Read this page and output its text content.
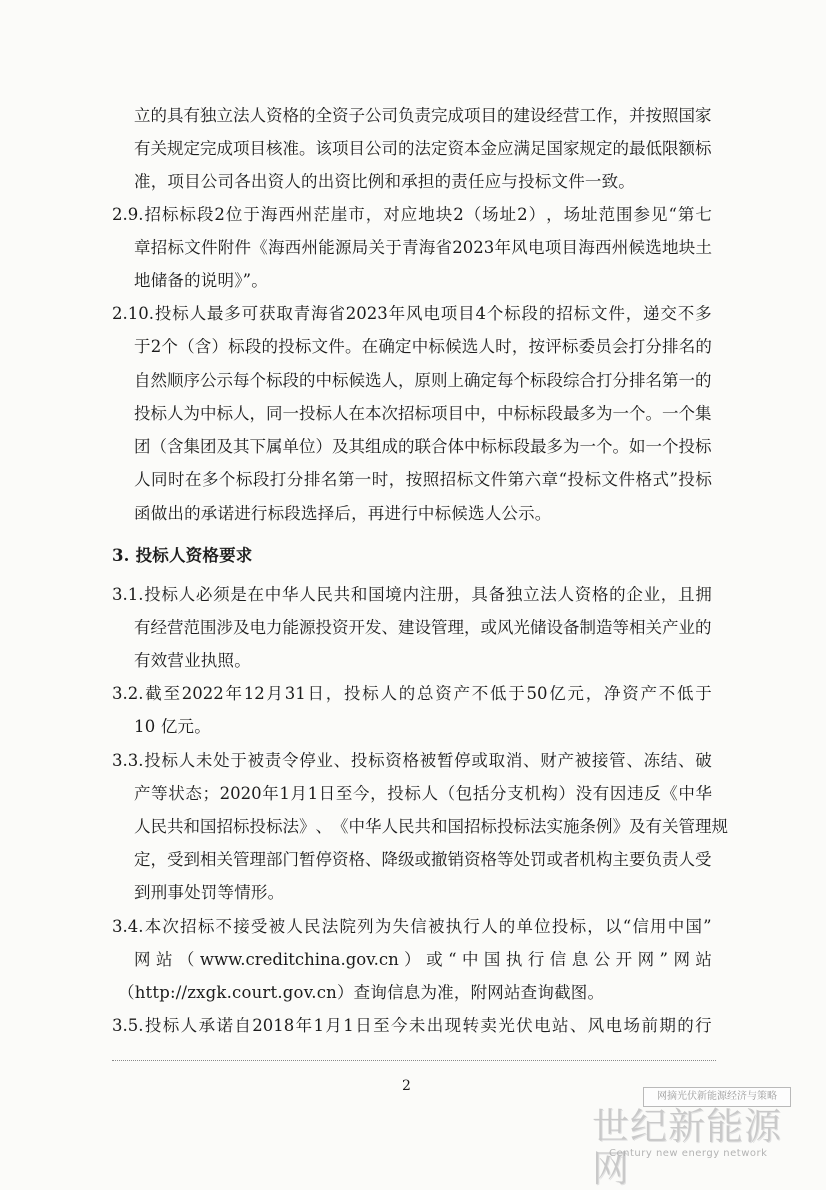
立 的 具 有 独 立 法 人 资 格 的 全 资 子 公 司 负 责 完 成 项 目 的 建 设 经 营 工 作 ， 并 按 照 国 家
有 关 规 定 完 成 项 目 核 准 。 该 项 目 公 司 的 法 定 资 本 金 应 满 足 国 家 规 定 的 最 低 限 额 标
准，项目公司各出资人的出资比例和承担的责任应与投标文件一致。
2.9. 招 标 标 段 2 位 于 海 西 州 茫 崖 市 ， 对 应 地 块 2 （ 场 址 2 ） ， 场 址 范 围 参 见 “ 第 七
章 招 标 文 件 附 件 《 海 西 州 能 源 局 关 于 青 海 省 2023 年 风 电 项 目 海 西 州 候 选 地 块 土
地储备的说明》”。
2.10. 投 标 人 最 多 可 获 取 青 海 省 2023 年 风 电 项 目 4 个 标 段 的 招 标 文 件 ， 递 交 不 多
于 2 个 （ 含 ） 标 段 的 投 标 文 件 。 在 确 定 中 标 候 选 人 时 ， 按 评 标 委 员 会 打 分 排 名 的
自 然 顺 序 公 示 每 个 标 段 的 中 标 候 选 人 ， 原 则 上 确 定 每 个 标 段 综 合 打 分 排 名 第 一 的
投 标 人 为 中 标 人 ， 同 一 投 标 人 在 本 次 招 标 项 目 中 ， 中 标 标 段 最 多 为 一 个 。 一 个 集
团 （ 含 集 团 及 其 下 属 单 位 ） 及 其 组 成 的 联 合 体 中 标 标 段 最 多 为 一 个 。 如 一 个 投 标
人 同 时 在 多 个 标 段 打 分 排 名 第 一 时 ， 按 照 招 标 文 件 第 六 章 “ 投 标 文 件 格 式 ” 投 标
函做出的承诺进行标段选择后，再进行中标候选人公示。
3. 投标人资格要求
3.1. 投 标 人 必 须 是 在 中 华 人 民 共 和 国 境 内 注 册 ， 具 备 独 立 法 人 资 格 的 企 业 ， 且 拥
有 经 营 范 围 涉 及 电 力 能 源 投 资 开 发 、 建 设 管 理 ， 或 风 光 储 设 备 制 造 等 相 关 产 业 的
有效营业执照。
3.2. 截 至 2022 年 12 月 31 日 ， 投 标 人 的 总 资 产 不 低 于 50 亿 元 ， 净 资 产 不 低 于
10 亿元。
3.3. 投 标 人 未 处 于 被 责 令 停 业 、 投 标 资 格 被 暂 停 或 取 消 、 财 产 被 接 管 、 冻 结 、 破
产 等 状 态 ； 2020 年 1 月 1 日 至 今 ， 投 标 人 （ 包 括 分 支 机 构 ） 没 有 因 违 反 《 中 华
人 民 共 和 国 招 标 投 标 法 》 、 《 中 华 人 民 共 和 国 招 标 投 标 法 实 施 条 例 》 及 有 关 管 理 规
定 ， 受 到 相 关 管 理 部 门 暂 停 资 格 、 降 级 或 撤 销 资 格 等 处 罚 或 者 机 构 主 要 负 责 人 受
到刑事处罚等情形。
3.4. 本 次 招 标 不 接 受 被 人 民 法 院 列 为 失 信 被 执 行 人 的 单 位 投 标 ， 以 “ 信 用 中 国 ”
网 站 （ www.creditchina.gov.cn ） 或 “ 中 国 执 行 信 息 公 开 网 ” 网 站
（http://zxgk.court.gov.cn）查询信息为准，附网站查询截图。
3.5. 投 标 人 承 诺 自 2018 年 1 月 1 日 至 今 未 出 现 转 卖 光 伏 电 站 、 风 电 场 前 期 的 行
2
网摘光伏新能源经济与策略
世纪新能源网
Century new energy network
